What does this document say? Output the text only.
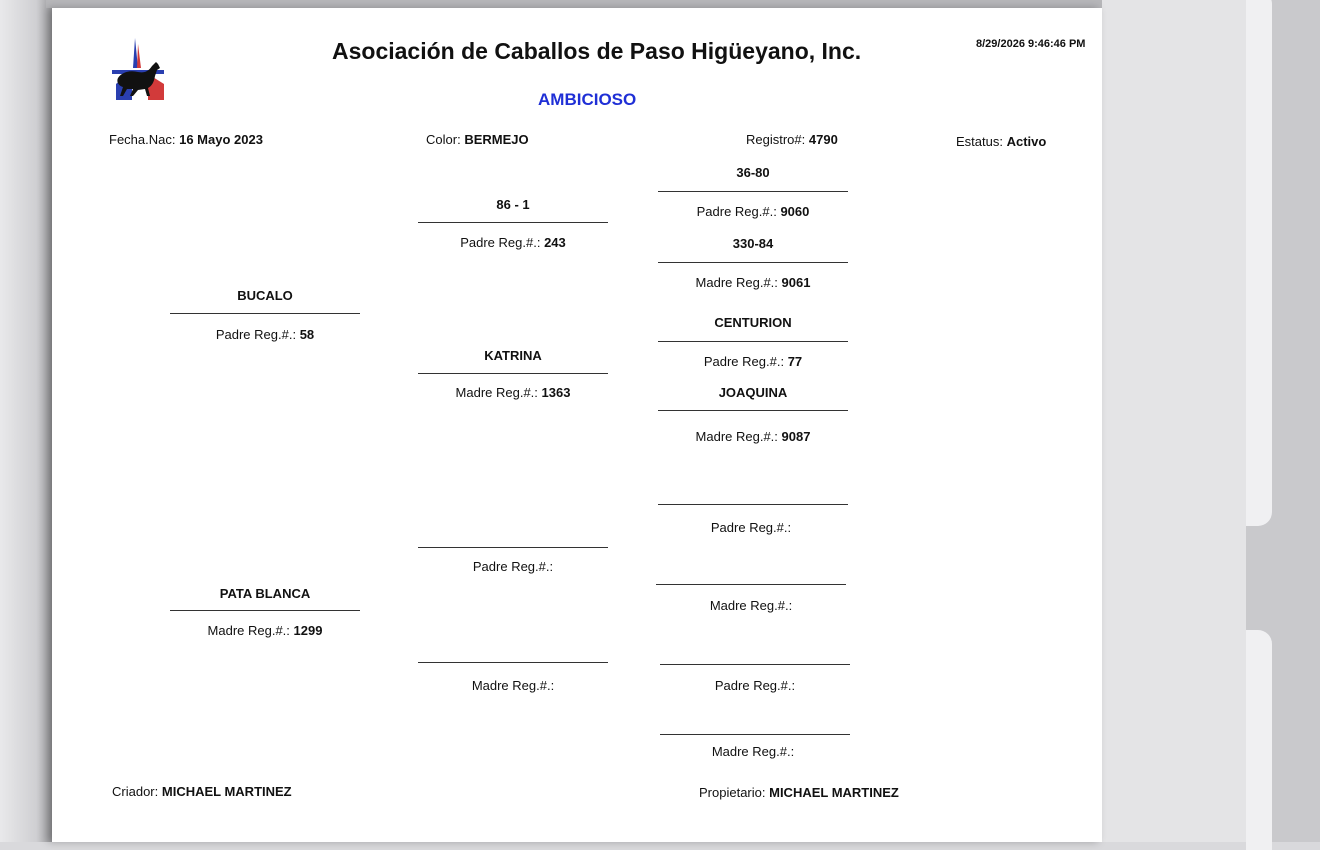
Asociación de Caballos de Paso Higüeyano, Inc.	8/29/2026 9:46:46 PM
AMBICIOSO
Fecha.Nac: 16 Mayo 2023	Color: BERMEJO	Registro#: 4790	Estatus: Activo
BUCALO
Padre Reg.#.: 58
PATA BLANCA
Madre Reg.#.: 1299
86 - 1
Padre Reg.#.: 243
KATRINA
Madre Reg.#.: 1363
Padre Reg.#.:
Madre Reg.#.:
36-80
Padre Reg.#.: 9060
330-84
Madre Reg.#.: 9061
CENTURION
Padre Reg.#.: 77
JOAQUINA
Madre Reg.#.: 9087
Padre Reg.#.:
Madre Reg.#.:
Padre Reg.#.:
Madre Reg.#.:
Criador: MICHAEL MARTINEZ	Propietario: MICHAEL MARTINEZ
